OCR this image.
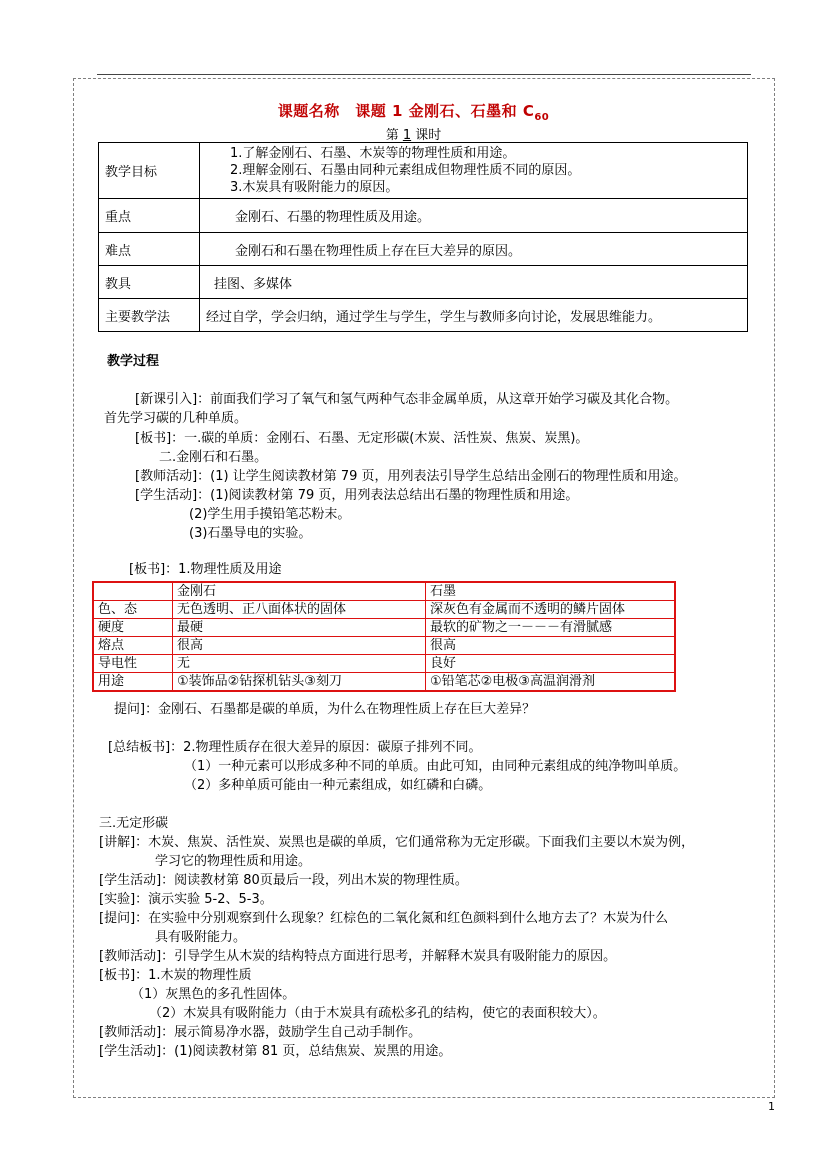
课题名称　课题 1 金刚石、石墨和 $C_{60}$
第 1 课时
教学目标	1.了解金刚石、石墨、木炭等的物理性质和用途。
2.理解金刚石、石墨由同种元素组成但物理性质不同的原因。
3.木炭具有吸附能力的原因。

重点	金刚石、石墨的物理性质及用途。
难点	金刚石和石墨在物理性质上存在巨大差异的原因。
教具	挂图、多媒体
主要教学法	经过自学，学会归纳，通过学生与学生，学生与教师多向讨论，发展思维能力。
教学过程
[新课引入]：前面我们学习了氧气和氢气两种气态非金属单质，从这章开始学习碳及其化合物。
首先学习碳的几种单质。
[板书]：一.碳的单质：金刚石、石墨、无定形碳(木炭、活性炭、焦炭、炭黑)。
二.金刚石和石墨。
[教师活动]：(1) 让学生阅读教材第 79 页，用列表法引导学生总结出金刚石的物理性质和用途。
[学生活动]：(1)阅读教材第 79 页，用列表法总结出石墨的物理性质和用途。
(2)学生用手摸铅笔芯粉末。
(3)石墨导电的实验。
[板书]：1.物理性质及用途
	金刚石	石墨
色、态	无色透明、正八面体状的固体	深灰色有金属而不透明的鳞片固体
硬度	最硬	最软的矿物之一－－－有滑腻感
熔点	很高	很高
导电性	无	良好
用途	①装饰品②钻探机钻头③刻刀	①铅笔芯②电极③高温润滑剂
提问]：金刚石、石墨都是碳的单质，为什么在物理性质上存在巨大差异？
[总结板书]：2.物理性质存在很大差异的原因：碳原子排列不同。
（1）一种元素可以形成多种不同的单质。由此可知，由同种元素组成的纯净物叫单质。
（2）多种单质可能由一种元素组成，如红磷和白磷。
三.无定形碳
[讲解]：木炭、焦炭、活性炭、炭黑也是碳的单质，它们通常称为无定形碳。下面我们主要以木炭为例，
学习它的物理性质和用途。
[学生活动]：阅读教材第 80页最后一段，列出木炭的物理性质。
[实验]：演示实验 5-2、5-3。
[提问]：在实验中分别观察到什么现象？红棕色的二氧化氮和红色颜料到什么地方去了？木炭为什么
具有吸附能力。
[教师活动]：引导学生从木炭的结构特点方面进行思考，并解释木炭具有吸附能力的原因。
[板书]：1.木炭的物理性质
（1）灰黑色的多孔性固体。
（2）木炭具有吸附能力（由于木炭具有疏松多孔的结构，使它的表面积较大）。
[教师活动]：展示简易净水器，鼓励学生自己动手制作。
[学生活动]：(1)阅读教材第 81 页，总结焦炭、炭黑的用途。
1
